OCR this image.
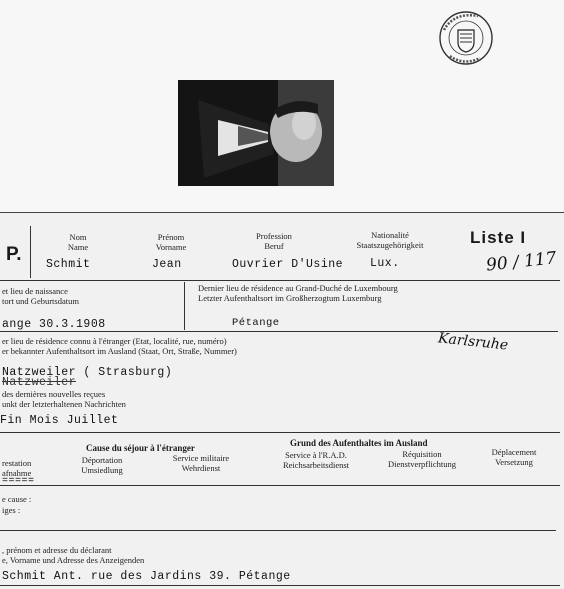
P.
Nom
Name
Schmit
Prénom
Vorname
Jean
Profession
Beruf
Ouvrier D'Usine
Nationalité
Staatszugehörigkeit
Lux.
Liste I
90 / 117
et lieu de naissance
tort und Geburtsdatum
ange 30.3.1908
Dernier lieu de résidence au Grand-Duché de Luxembourg
Letzter Aufenthaltsort im Großherzogtum Luxemburg
Pétange
er lieu de résidence connu à l'étranger (Etat, localité, rue, numéro)
er bekannter Aufenthaltsort im Ausland (Staat, Ort, Straße, Nummer)	Karlsruhe
Natzweiler ( Strasburg)
Natzweiler
des dernières nouvelles reçues
unkt der letzterhaltenen Nachrichten
Fin Mois Juillet
Cause du séjour à l'étranger	Grund des Aufenthaltes im Ausland
restation
afnahme
=====
Déportation
Umsiedlung
Service militaire
Wehrdienst
Service à l'R.A.D.
Reichsarbeitsdienst
Réquisition
Dienstverpflichtung
Déplacement
Versetzung
e cause :
iges :
, prénom et adresse du déclarant
e, Vorname und Adresse des Anzeigenden
Schmit Ant. rue des Jardins 39. Pétange
